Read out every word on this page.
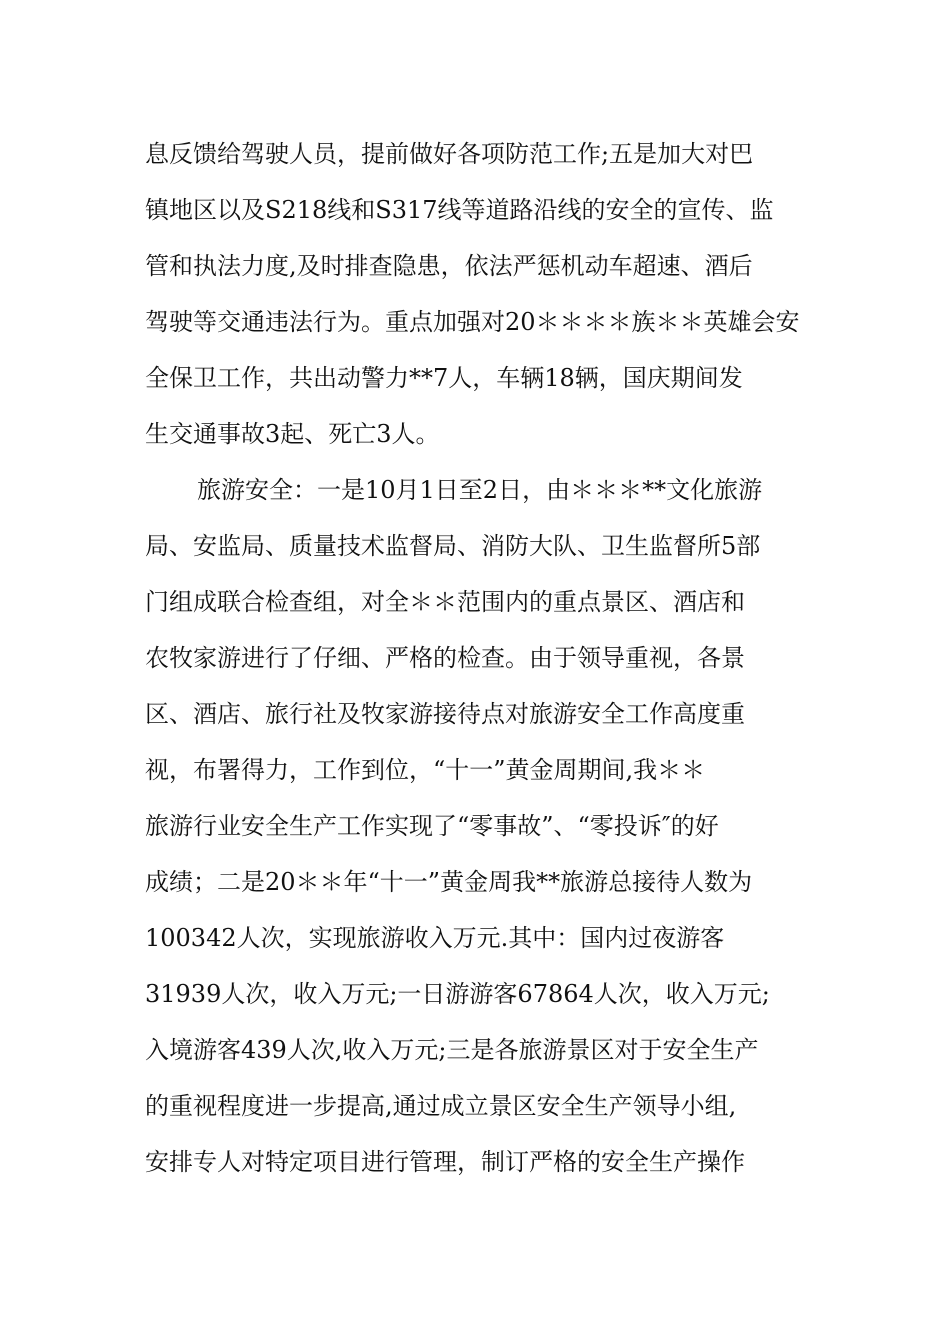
息反馈给驾驶人员，提前做好各项防范工作;五是加大对巴
镇地区以及S218线和S317线等道路沿线的安全的宣传、监
管和执法力度,及时排查隐患，依法严惩机动车超速、酒后
驾驶等交通违法行为。重点加强对20＊＊＊＊族＊＊英雄会安
全保卫工作，共出动警力**7人，车辆18辆，国庆期间发
生交通事故3起、死亡3人。
旅游安全：一是10月1日至2日，由＊＊＊**文化旅游
局、安监局、质量技术监督局、消防大队、卫生监督所5部
门组成联合检查组，对全＊＊范围内的重点景区、酒店和
农牧家游进行了仔细、严格的检查。由于领导重视，各景
区、酒店、旅行社及牧家游接待点对旅游安全工作高度重
视，布署得力，工作到位，“十一”黄金周期间,我＊＊
旅游行业安全生产工作实现了“零事故”、“零投诉″的好
成绩；二是20＊＊年“十一”黄金周我**旅游总接待人数为
100342人次，实现旅游收入万元.其中：国内过夜游客
31939人次，收入万元;一日游游客67864人次，收入万元;
入境游客439人次,收入万元;三是各旅游景区对于安全生产
的重视程度进一步提高,通过成立景区安全生产领导小组,
安排专人对特定项目进行管理，制订严格的安全生产操作
